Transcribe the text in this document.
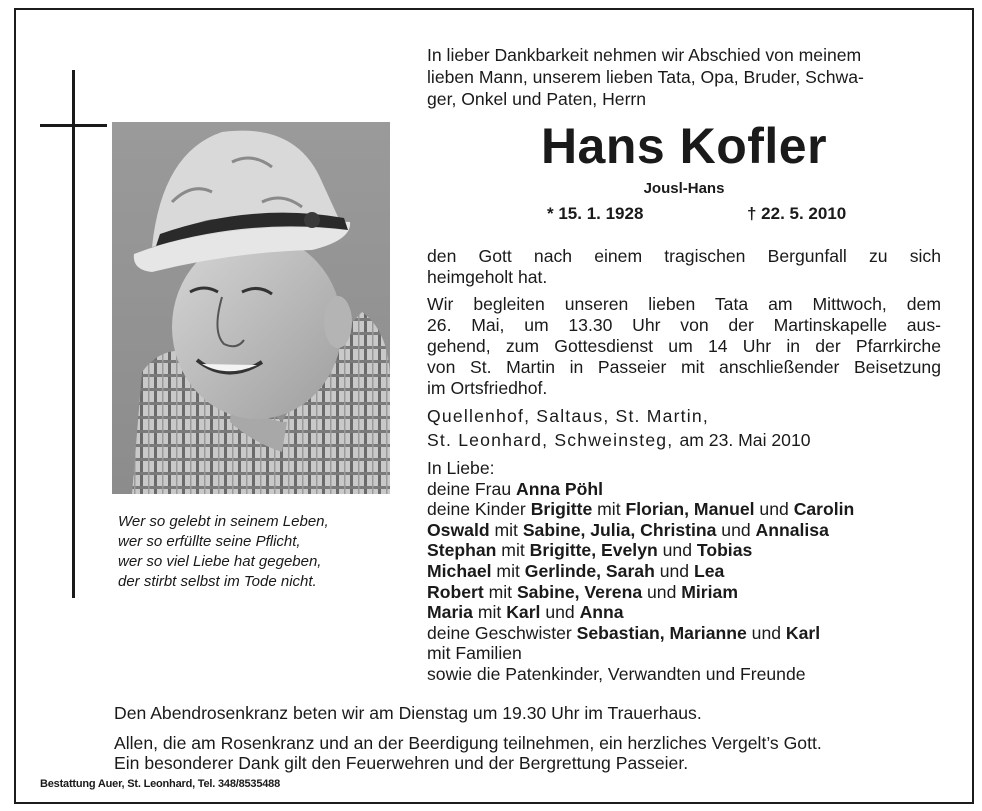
Wer so gelebt in seinem Leben,
wer so erfüllte seine Pflicht,
wer so viel Liebe hat gegeben,
der stirbt selbst im Tode nicht.
In lieber Dankbarkeit nehmen wir Abschied von meinem
lieben Mann, unserem lieben Tata, Opa, Bruder, Schwa-
ger, Onkel und Paten, Herrn
Hans Kofler
Jousl-Hans
* 15. 1. 1928	† 22. 5. 2010
den Gott nach einem tragischen Bergunfall zu sich
heimgeholt hat.
Wir begleiten unseren lieben Tata am Mittwoch, dem
26. Mai, um 13.30 Uhr von der Martinskapelle aus-
gehend, zum Gottesdienst um 14 Uhr in der Pfarrkirche
von St. Martin in Passeier mit anschließender Beisetzung
im Ortsfriedhof.
Quellenhof, Saltaus, St. Martin,
St. Leonhard, Schweinsteg, am 23. Mai 2010
In Liebe:
deine Frau Anna Pöhl
deine Kinder Brigitte mit Florian, Manuel und Carolin
Oswald mit Sabine, Julia, Christina und Annalisa
Stephan mit Brigitte, Evelyn und Tobias
Michael mit Gerlinde, Sarah und Lea
Robert mit Sabine, Verena und Miriam
Maria mit Karl und Anna
deine Geschwister Sebastian, Marianne und Karl
mit Familien
sowie die Patenkinder, Verwandten und Freunde
Den Abendrosenkranz beten wir am Dienstag um 19.30 Uhr im Trauerhaus.
Allen, die am Rosenkranz und an der Beerdigung teilnehmen, ein herzliches Vergelt’s Gott.
Ein besonderer Dank gilt den Feuerwehren und der Bergrettung Passeier.
Bestattung Auer, St. Leonhard, Tel. 348/8535488
